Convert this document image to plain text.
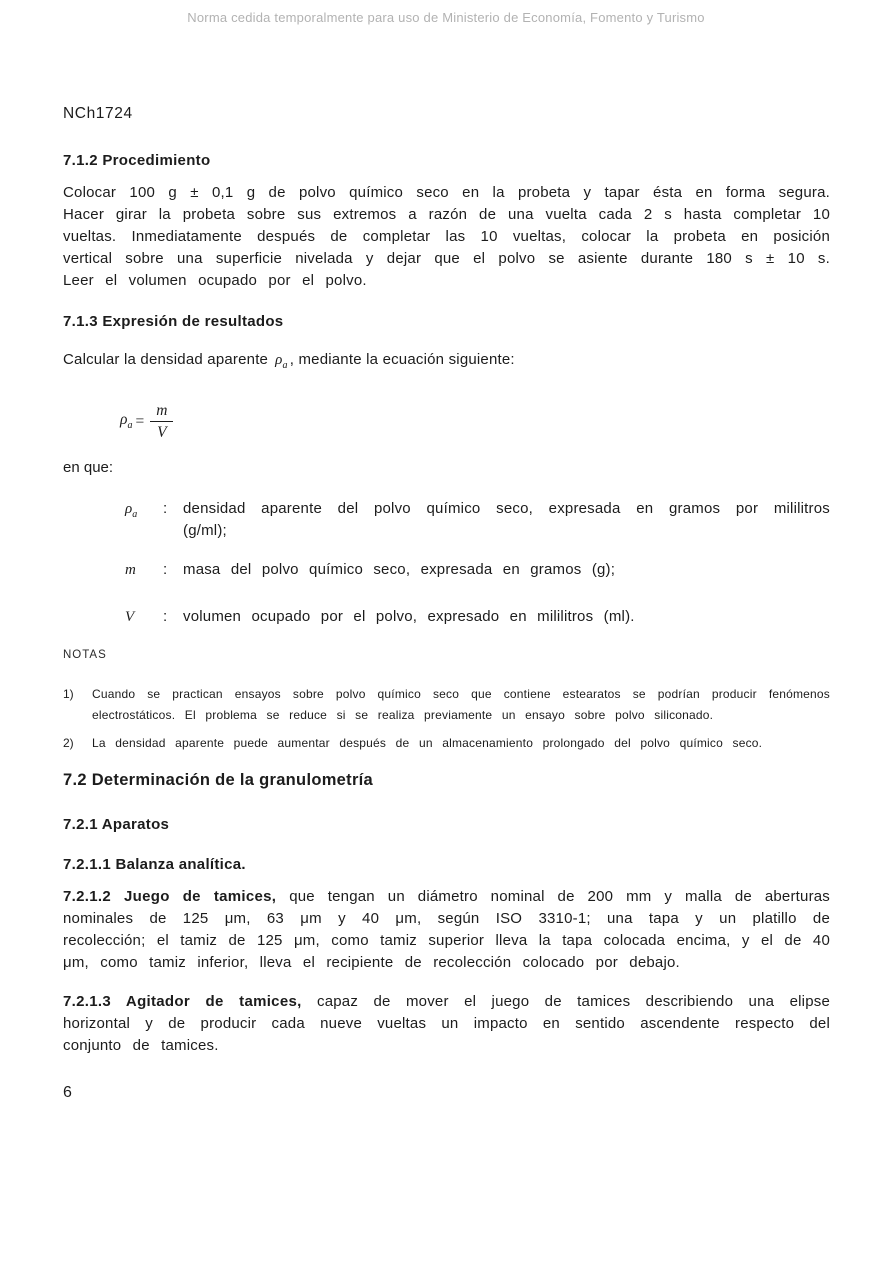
Norma cedida temporalmente para uso de Ministerio de Economía, Fomento y Turismo
NCh1724
7.1.2 Procedimiento

Colocar 100 g ± 0,1 g de polvo químico seco en la probeta y tapar ésta en forma segura. Hacer girar la probeta sobre sus extremos a razón de una vuelta cada 2 s hasta completar 10 vueltas. Inmediatamente después de completar las 10 vueltas, colocar la probeta en posición vertical sobre una superficie nivelada y dejar que el polvo se asiente durante 180 s ± 10 s. Leer el volumen ocupado por el polvo.

7.1.3 Expresión de resultados

Calcular la densidad aparente $\rho_a$ , mediante la ecuación siguiente:

$\rho_a = \frac{m}{V}$
en que:
$\rho_a$	:	densidad aparente del polvo químico seco, expresada en gramos por mililitros (g/ml);
m	:	masa del polvo químico seco, expresada en gramos (g);
V	:	volumen ocupado por el polvo, expresado en mililitros (ml).
NOTAS
1)	Cuando se practican ensayos sobre polvo químico seco que contiene estearatos se podrían producir fenómenos electrostáticos. El problema se reduce si se realiza previamente un ensayo sobre polvo siliconado.
2)	La densidad aparente puede aumentar después de un almacenamiento prolongado del polvo químico seco.
7.2 Determinación de la granulometría
7.2.1 Aparatos
7.2.1.1 Balanza analítica.

7.2.1.2 Juego de tamices, que tengan un diámetro nominal de 200 mm y malla de aberturas nominales de 125 μm, 63 μm y 40 μm, según ISO 3310-1; una tapa y un platillo de recolección; el tamiz de 125 μm, como tamiz superior lleva la tapa colocada encima, y el de 40 μm, como tamiz inferior, lleva el recipiente de recolección colocado por debajo.

7.2.1.3 Agitador de tamices, capaz de mover el juego de tamices describiendo una elipse horizontal y de producir cada nueve vueltas un impacto en sentido ascendente respecto del conjunto de tamices.

6
